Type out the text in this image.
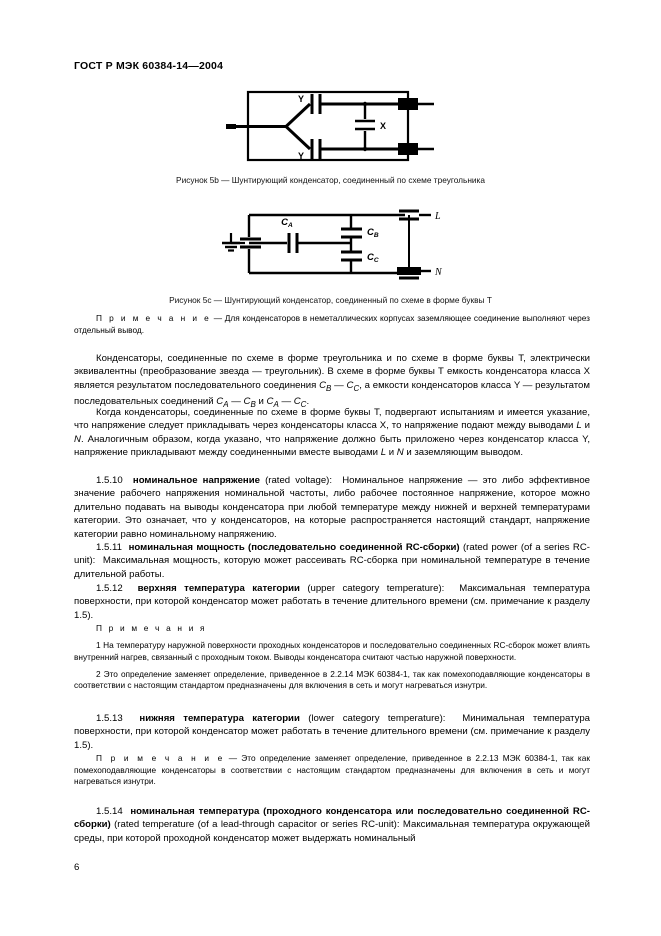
ГОСТ Р МЭК 60384-14—2004
Y
Y
X
Рисунок 5b — Шунтирующий конденсатор, соединенный по схеме треугольника
$C_A$
$C_B$
$C_C$
L
N
Рисунок 5c — Шунтирующий конденсатор, соединенный по схеме в форме буквы Т

П р и м е ч а н и е — Для конденсаторов в неметаллических корпусах заземляющее соединение выполняют через отдельный вывод.

Конденсаторы, соединенные по схеме в форме треугольника и по схеме в форме буквы Т, электрически эквивалентны (преобразование звезда — треугольник). В схеме в форме буквы Т емкость конденсатора класса X является результатом последовательного соединения $C_B$ — $C_C$, а емкости конденсаторов класса Y — результатом последовательных соединений $C_A$ — $C_B$ и $C_A$ — $C_C$.

Когда конденсаторы, соединенные по схеме в форме буквы Т, подвергают испытаниям и имеется указание, что напряжение следует прикладывать через конденсаторы класса X, то напряжение подают между выводами L и N. Аналогичным образом, когда указано, что напряжение должно быть приложено через конденсатор класса Y, напряжение прикладывают между соединенными вместе выводами L и N и заземляющим выводом.

1.5.10 номинальное напряжение (rated voltage): Номинальное напряжение — это либо эффективное значение рабочего напряжения номинальной частоты, либо рабочее постоянное напряжение, которое можно длительно подавать на выводы конденсатора при любой температуре между нижней и верхней температурами категории. Это означает, что у конденсаторов, на которые распространяется настоящий стандарт, напряжение категории равно номинальному напряжению.

1.5.11 номинальная мощность (последовательно соединенной RC-сборки) (rated power (of a series RC-unit): Максимальная мощность, которую может рассеивать RC-сборка при номинальной температуре в течение длительной работы.

1.5.12 верхняя температура категории (upper category temperature): Максимальная температура поверхности, при которой конденсатор может работать в течение длительного времени (см. примечание к разделу 1.5).

П р и м е ч а н и я

1 На температуру наружной поверхности проходных конденсаторов и последовательно соединенных RC-сборок может влиять внутренний нагрев, связанный с проходным током. Выводы конденсатора считают частью наружной поверхности.

2 Это определение заменяет определение, приведенное в 2.2.14 МЭК 60384-1, так как помехоподавляющие конденсаторы в соответствии с настоящим стандартом предназначены для включения в сеть и могут нагреваться изнутри.

1.5.13 нижняя температура категории (lower category temperature): Минимальная температура поверхности, при которой конденсатор может работать в течение длительного времени (см. примечание к разделу 1.5).

П р и м е ч а н и е — Это определение заменяет определение, приведенное в 2.2.13 МЭК 60384-1, так как помехоподавляющие конденсаторы в соответствии с настоящим стандартом предназначены для включения в сеть и могут нагреваться изнутри.

1.5.14 номинальная температура (проходного конденсатора или последовательно соединенной RC-сборки) (rated temperature (of a lead-through capacitor or series RC-unit): Максимальная температура окружающей среды, при которой проходной конденсатор может выдержать номинальный

6
